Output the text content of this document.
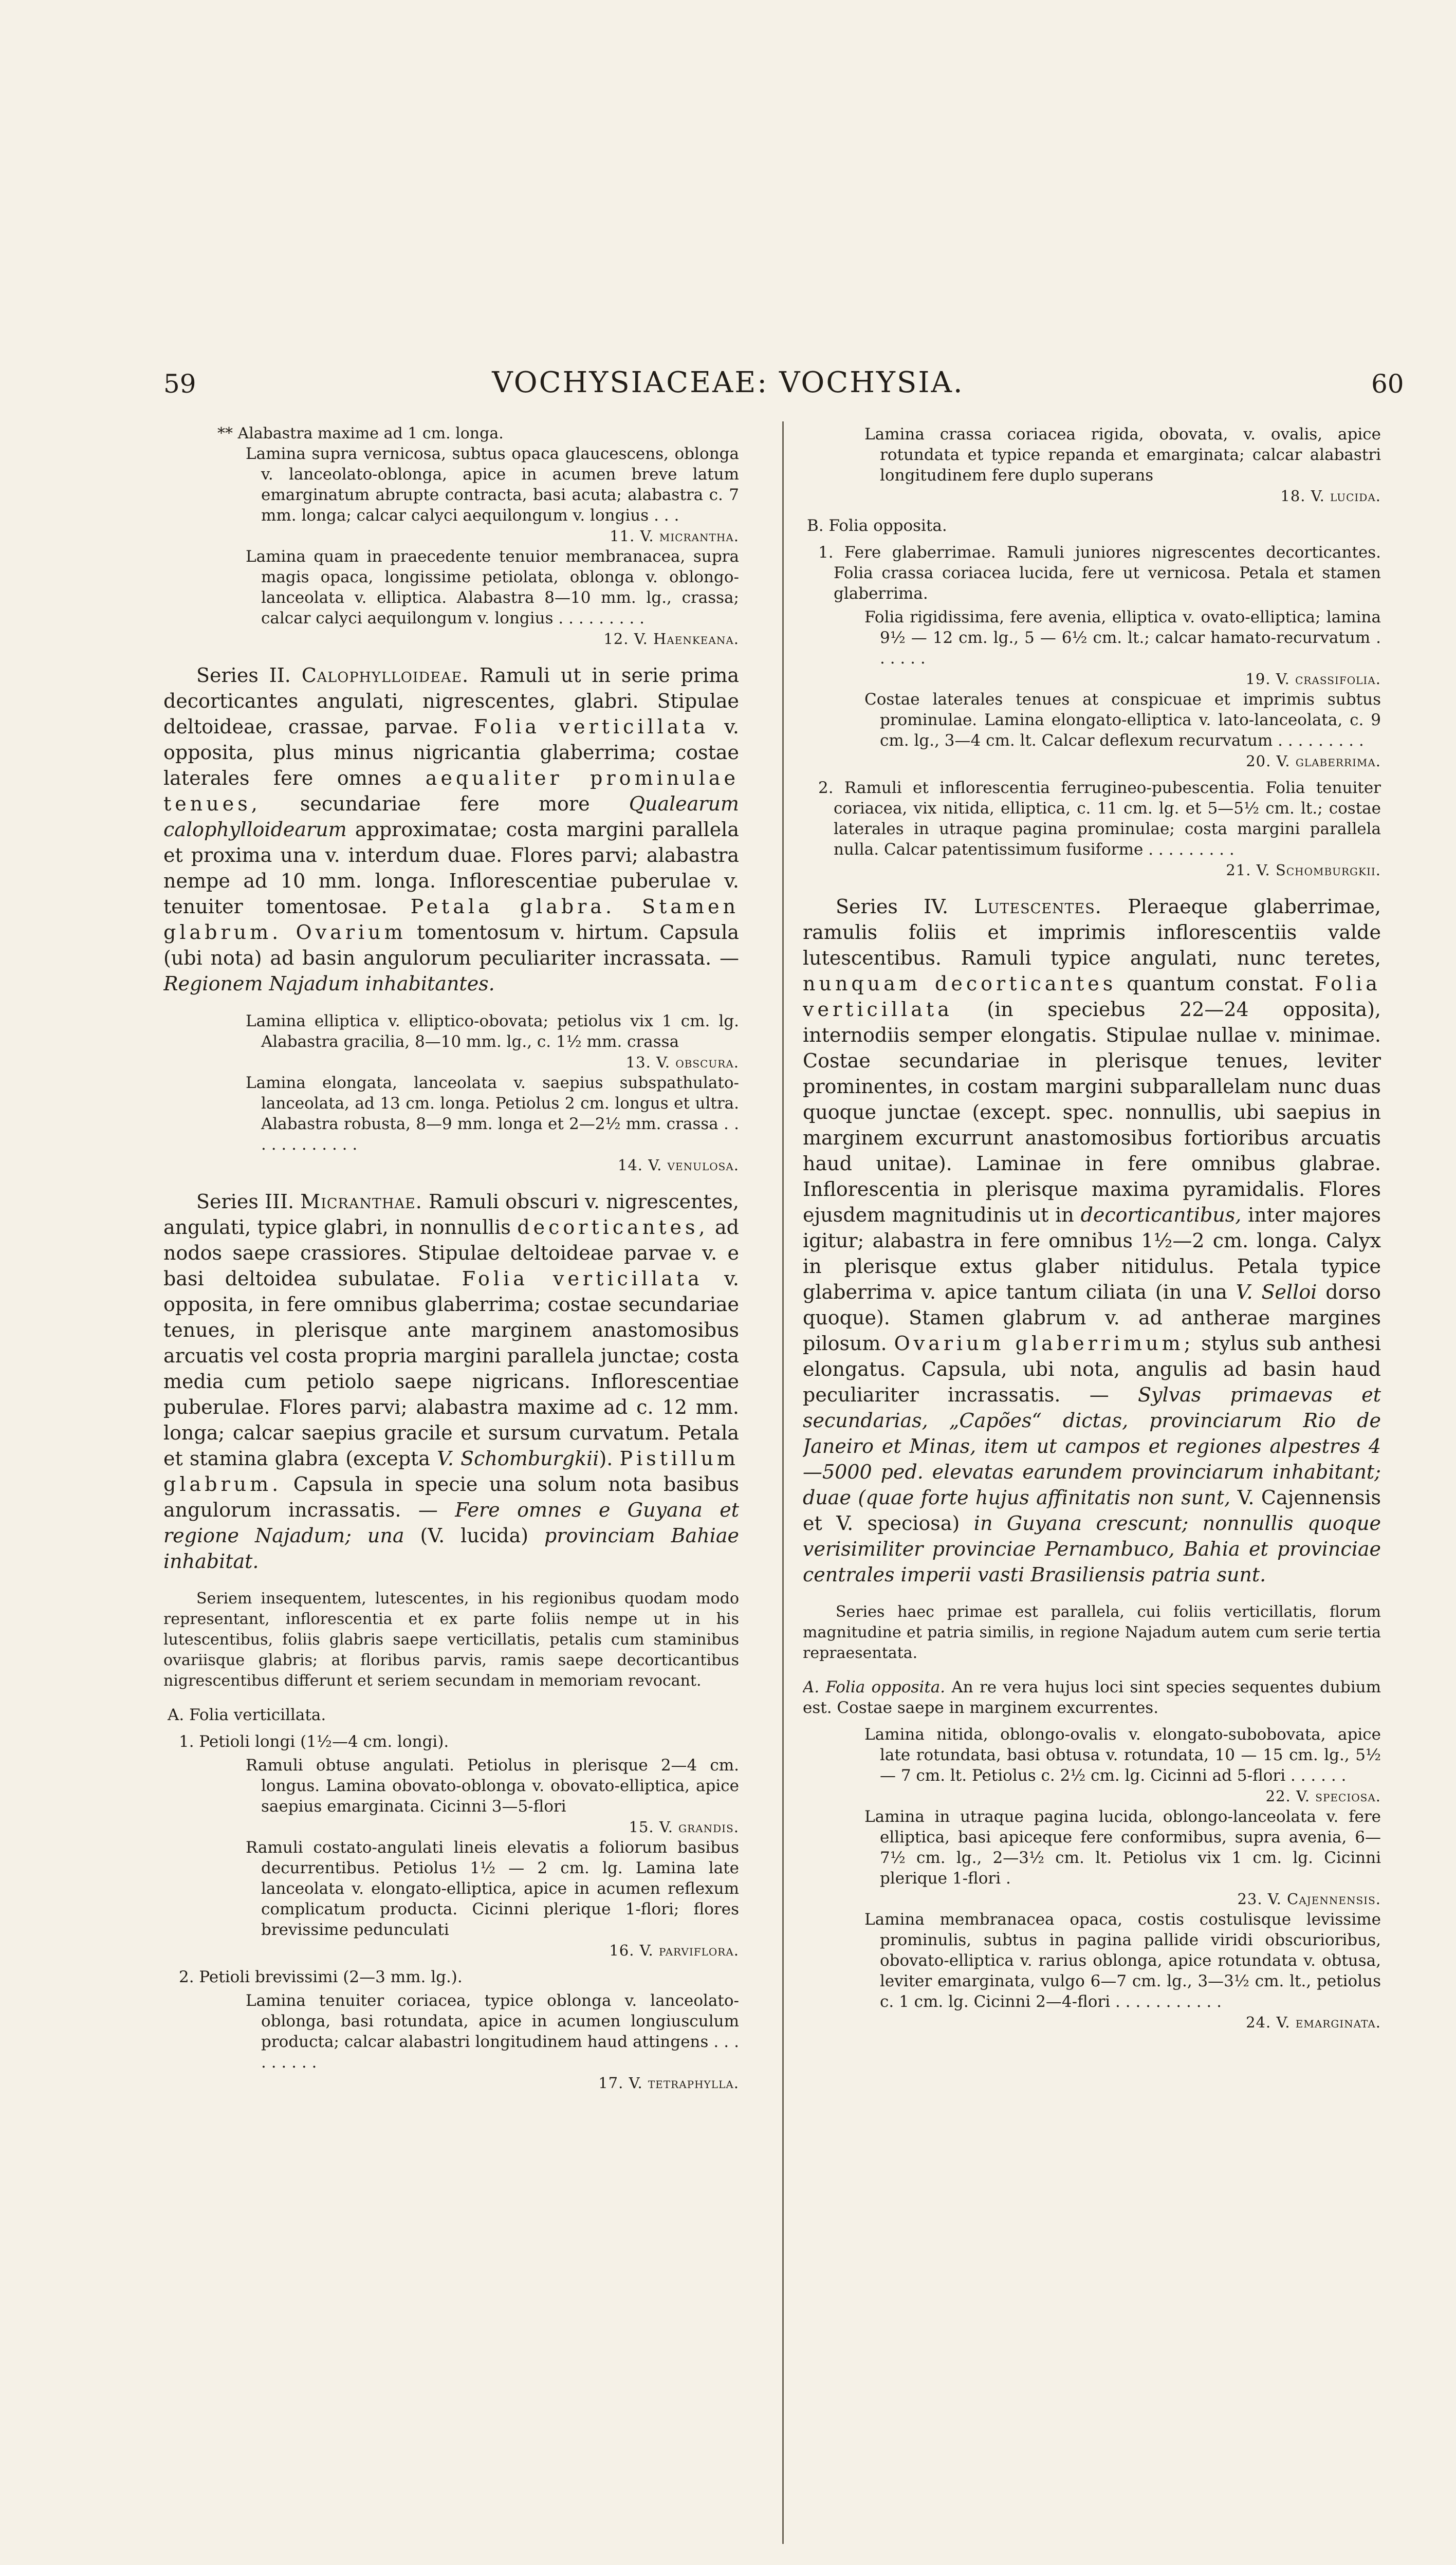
59	VOCHYSIACEAE: VOCHYSIA.	60

** Alabastra maxime ad 1 cm. longa.

Lamina supra vernicosa, subtus opaca glaucescens, oblonga v. lanceolato-oblonga, apice in acumen breve latum emarginatum abrupte contracta, basi acuta; alabastra c. 7 mm. longa; calcar calyci aequilongum v. longius . . .
11. V. micrantha.

Lamina quam in praecedente tenuior membranacea, supra magis opaca, longissime petiolata, oblonga v. oblongo-lanceolata v. elliptica. Alabastra 8—10 mm. lg., crassa; calcar calyci aequilongum v. longius . . . . . . . . .
12. V. Haenkeana.

Series II. Calophylloideae. Ramuli ut in serie prima decorticantes angulati, nigrescentes, glabri. Stipulae deltoideae, crassae, parvae. Folia verticillata v. opposita, plus minus nigricantia glaberrima; costae laterales fere omnes aequaliter prominulae tenues, secundariae fere more Qualearum calophylloidearum approximatae; costa margini parallela et proxima una v. interdum duae. Flores parvi; alabastra nempe ad 10 mm. longa. Inflorescentiae puberulae v. tenuiter tomentosae. Petala glabra. Stamen glabrum. Ovarium tomentosum v. hirtum. Capsula (ubi nota) ad basin angulorum peculiariter incrassata. — Regionem Najadum inhabitantes.

Lamina elliptica v. elliptico-obovata; petiolus vix 1 cm. lg. Alabastra gracilia, 8—10 mm. lg., c. 1½ mm. crassa
13. V. obscura.

Lamina elongata, lanceolata v. saepius subspathulato-lanceolata, ad 13 cm. longa. Petiolus 2 cm. longus et ultra. Alabastra robusta, 8—9 mm. longa et 2—2½ mm. crassa . . . . . . . . . . . .
14. V. venulosa.

Series III. Micranthae. Ramuli obscuri v. nigrescentes, angulati, typice glabri, in nonnullis decorticantes, ad nodos saepe crassiores. Stipulae deltoideae parvae v. e basi deltoidea subulatae. Folia verticillata v. opposita, in fere omnibus glaberrima; costae secundariae tenues, in plerisque ante marginem anastomosibus arcuatis vel costa propria margini parallela junctae; costa media cum petiolo saepe nigricans. Inflorescentiae puberulae. Flores parvi; alabastra maxime ad c. 12 mm. longa; calcar saepius gracile et sursum curvatum. Petala et stamina glabra (excepta V. Schomburgkii). Pistillum glabrum. Capsula in specie una solum nota basibus angulorum incrassatis. — Fere omnes e Guyana et regione Najadum; una (V. lucida) provinciam Bahiae inhabitat.

Seriem insequentem, lutescentes, in his regionibus quodam modo representant, inflorescentia et ex parte foliis nempe ut in his lutescentibus, foliis glabris saepe verticillatis, petalis cum staminibus ovariisque glabris; at floribus parvis, ramis saepe decorticantibus nigrescentibus differunt et seriem secundam in memoriam revocant.

A. Folia verticillata.

1. Petioli longi (1½—4 cm. longi).

Ramuli obtuse angulati. Petiolus in plerisque 2—4 cm. longus. Lamina obovato-oblonga v. obovato-elliptica, apice saepius emarginata. Cicinni 3—5-flori
15. V. grandis.

Ramuli costato-angulati lineis elevatis a foliorum basibus decurrentibus. Petiolus 1½ — 2 cm. lg. Lamina late lanceolata v. elongato-elliptica, apice in acumen reflexum complicatum producta. Cicinni plerique 1-flori; flores brevissime pedunculati
16. V. parviflora.

2. Petioli brevissimi (2—3 mm. lg.).

Lamina tenuiter coriacea, typice oblonga v. lanceolato-oblonga, basi rotundata, apice in acumen longiusculum producta; calcar alabastri longitudinem haud attingens . . . . . . . . .
17. V. tetraphylla.

Lamina crassa coriacea rigida, obovata, v. ovalis, apice rotundata et typice repanda et emarginata; calcar alabastri longitudinem fere duplo superans
18. V. lucida.

B. Folia opposita.

1. Fere glaberrimae. Ramuli juniores nigrescentes decorticantes. Folia crassa coriacea lucida, fere ut vernicosa. Petala et stamen glaberrima.

Folia rigidissima, fere avenia, elliptica v. ovato-elliptica; lamina 9½ — 12 cm. lg., 5 — 6½ cm. lt.; calcar hamato-recurvatum . . . . . .
19. V. crassifolia.

Costae laterales tenues at conspicuae et imprimis subtus prominulae. Lamina elongato-elliptica v. lato-lanceolata, c. 9 cm. lg., 3—4 cm. lt. Calcar deflexum recurvatum . . . . . . . . .
20. V. glaberrima.

2. Ramuli et inflorescentia ferrugineo-pubescentia. Folia tenuiter coriacea, vix nitida, elliptica, c. 11 cm. lg. et 5—5½ cm. lt.; costae laterales in utraque pagina prominulae; costa margini parallela nulla. Calcar patentissimum fusiforme . . . . . . . . .
21. V. Schomburgkii.

Series IV. Lutescentes. Pleraeque glaberrimae, ramulis foliis et imprimis inflorescentiis valde lutescentibus. Ramuli typice angulati, nunc teretes, nunquam decorticantes quantum constat. Folia verticillata (in speciebus 22—24 opposita), internodiis semper elongatis. Stipulae nullae v. minimae. Costae secundariae in plerisque tenues, leviter prominentes, in costam margini subparallelam nunc duas quoque junctae (except. spec. nonnullis, ubi saepius in marginem excurrunt anastomosibus fortioribus arcuatis haud unitae). Laminae in fere omnibus glabrae. Inflorescentia in plerisque maxima pyramidalis. Flores ejusdem magnitudinis ut in decorticantibus, inter majores igitur; alabastra in fere omnibus 1½—2 cm. longa. Calyx in plerisque extus glaber nitidulus. Petala typice glaberrima v. apice tantum ciliata (in una V. Selloi dorso quoque). Stamen glabrum v. ad antherae margines pilosum. Ovarium glaberrimum; stylus sub anthesi elongatus. Capsula, ubi nota, angulis ad basin haud peculiariter incrassatis. — Sylvas primaevas et secundarias, „Capões“ dictas, provinciarum Rio de Janeiro et Minas, item ut campos et regiones alpestres 4—5000 ped. elevatas earundem provinciarum inhabitant; duae (quae forte hujus affinitatis non sunt, V. Cajennensis et V. speciosa) in Guyana crescunt; nonnullis quoque verisimiliter provinciae Pernambuco, Bahia et provinciae centrales imperii vasti Brasiliensis patria sunt.

Series haec primae est parallela, cui foliis verticillatis, florum magnitudine et patria similis, in regione Najadum autem cum serie tertia repraesentata.

A. Folia opposita. An re vera hujus loci sint species sequentes dubium est. Costae saepe in marginem excurrentes.

Lamina nitida, oblongo-ovalis v. elongato-subobovata, apice late rotundata, basi obtusa v. rotundata, 10 — 15 cm. lg., 5½ — 7 cm. lt. Petiolus c. 2½ cm. lg. Cicinni ad 5-flori . . . . . .
22. V. speciosa.

Lamina in utraque pagina lucida, oblongo-lanceolata v. fere elliptica, basi apiceque fere conformibus, supra avenia, 6—7½ cm. lg., 2—3½ cm. lt. Petiolus vix 1 cm. lg. Cicinni plerique 1-flori .
23. V. Cajennensis.

Lamina membranacea opaca, costis costulisque levissime prominulis, subtus in pagina pallide viridi obscurioribus, obovato-elliptica v. rarius oblonga, apice rotundata v. obtusa, leviter emarginata, vulgo 6—7 cm. lg., 3—3½ cm. lt., petiolus c. 1 cm. lg. Cicinni 2—4-flori . . . . . . . . . . .
24. V. emarginata.
